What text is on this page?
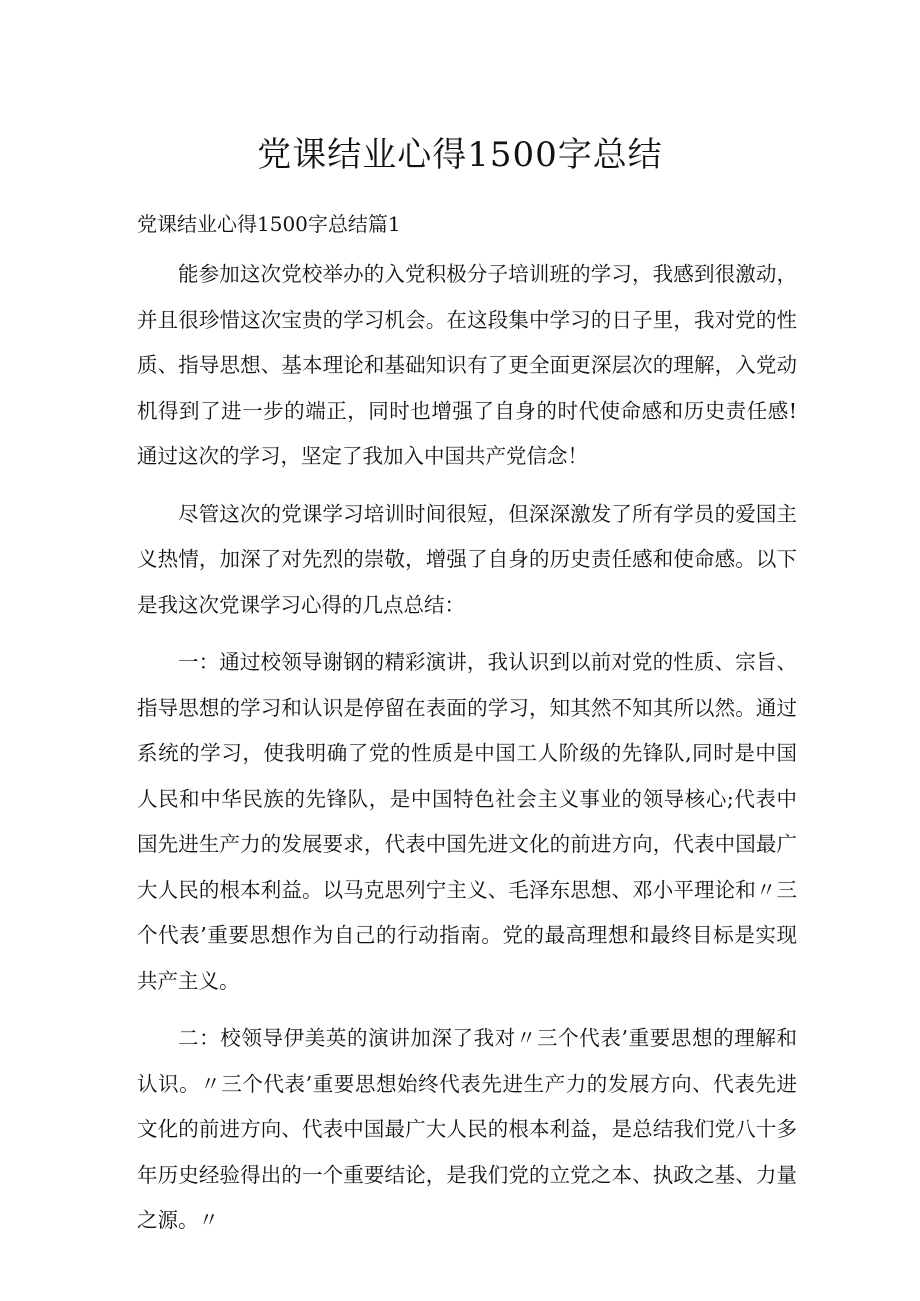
党课结业心得1500字总结
党课结业心得1500字总结篇1

能参加这次党校举办的入党积极分子培训班的学习，我感到很激动，并且很珍惜这次宝贵的学习机会。在这段集中学习的日子里，我对党的性质、指导思想、基本理论和基础知识有了更全面更深层次的理解，入党动机得到了进一步的端正，同时也增强了自身的时代使命感和历史责任感!通过这次的学习，坚定了我加入中国共产党信念！

尽管这次的党课学习培训时间很短，但深深激发了所有学员的爱国主义热情，加深了对先烈的崇敬，增强了自身的历史责任感和使命感。以下是我这次党课学习心得的几点总结：

一：通过校领导谢钢的精彩演讲，我认识到以前对党的性质、宗旨、指导思想的学习和认识是停留在表面的学习，知其然不知其所以然。通过系统的学习，使我明确了党的性质是中国工人阶级的先锋队,同时是中国人民和中华民族的先锋队，是中国特色社会主义事业的领导核心;代表中国先进生产力的发展要求，代表中国先进文化的前进方向，代表中国最广大人民的根本利益。以马克思列宁主义、毛泽东思想、邓小平理论和〃三个代表’重要思想作为自己的行动指南。党的最高理想和最终目标是实现共产主义。

二：校领导伊美英的演讲加深了我对〃三个代表’重要思想的理解和认识。〃三个代表’重要思想始终代表先进生产力的发展方向、代表先进文化的前进方向、代表中国最广大人民的根本利益，是总结我们党八十多年历史经验得出的一个重要结论，是我们党的立党之本、执政之基、力量之源。〃
